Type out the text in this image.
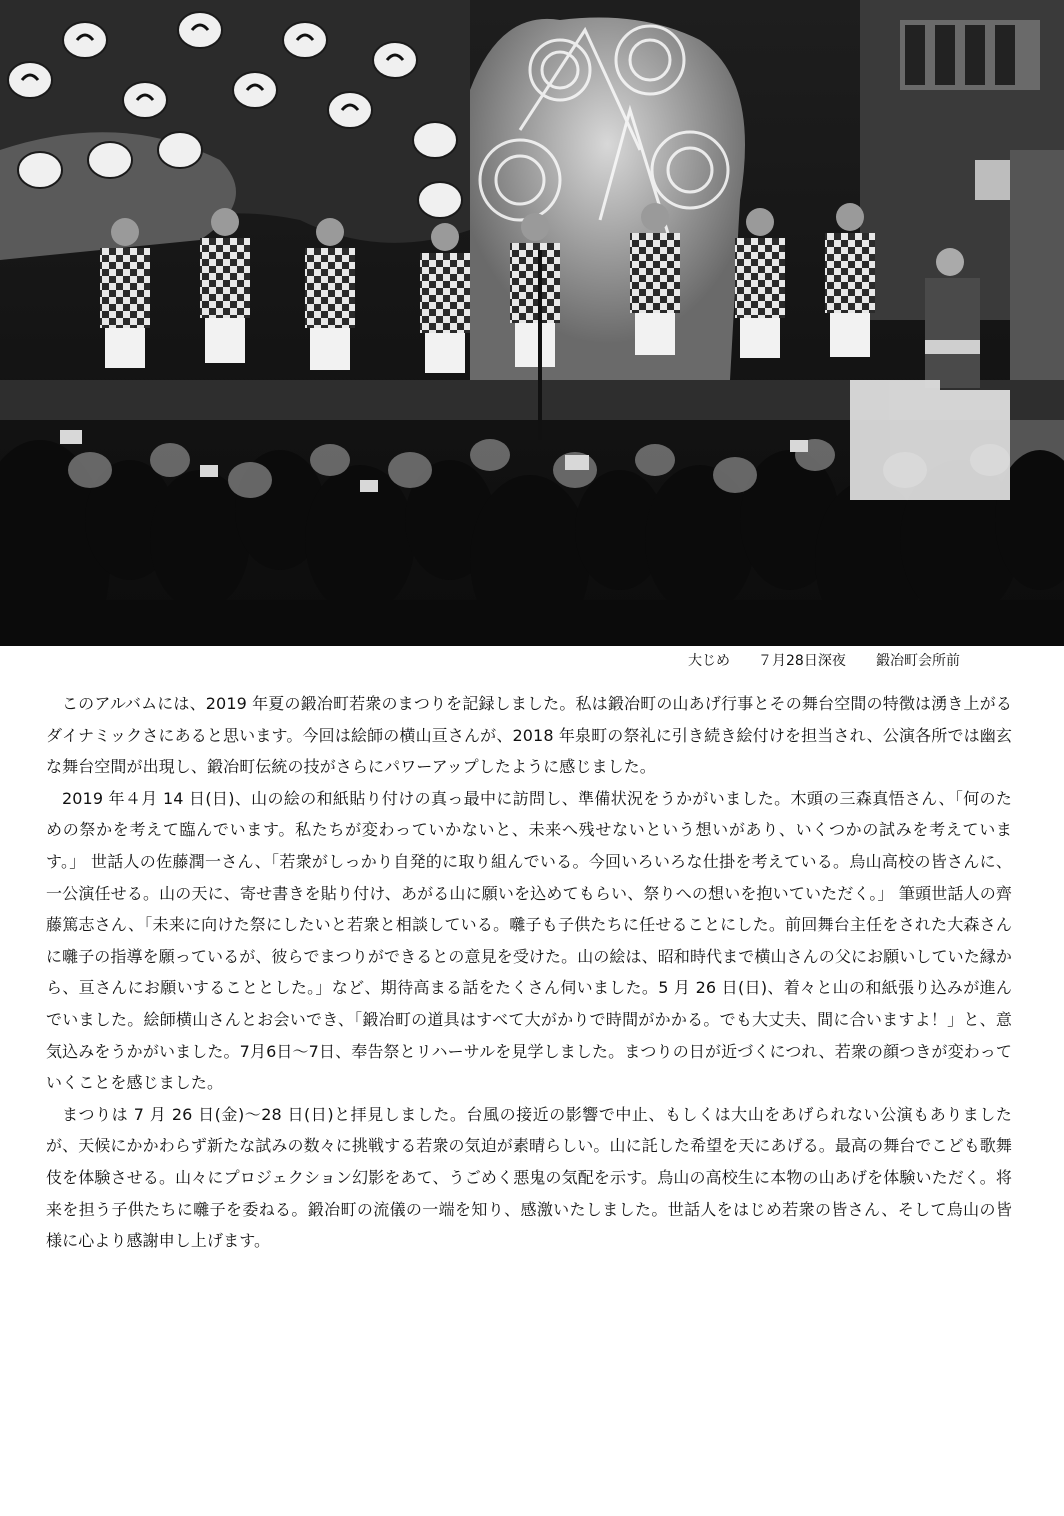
大じめ ７月28日深夜 鍛冶町会所前

このアルバムには、2019 年夏の鍛冶町若衆のまつりを記録しました。私は鍛冶町の山あげ行事とその舞台空間の特徴は湧き上がるダイナミックさにあると思います。今回は絵師の横山亘さんが、2018 年泉町の祭礼に引き続き絵付けを担当され、公演各所では幽玄な舞台空間が出現し、鍛冶町伝統の技がさらにパワーアップしたように感じました。

2019 年４月 14 日(日)、山の絵の和紙貼り付けの真っ最中に訪問し、準備状況をうかがいました。木頭の三森真悟さん、「何のための祭かを考えて臨んでいます。私たちが変わっていかないと、未来へ残せないという想いがあり、いくつかの試みを考えています。」 世話人の佐藤潤一さん、「若衆がしっかり自発的に取り組んでいる。今回いろいろな仕掛を考えている。烏山高校の皆さんに、一公演任せる。山の天に、寄せ書きを貼り付け、あがる山に願いを込めてもらい、祭りへの想いを抱いていただく。」 筆頭世話人の齊藤篤志さん、「未来に向けた祭にしたいと若衆と相談している。囃子も子供たちに任せることにした。前回舞台主任をされた大森さんに囃子の指導を願っているが、彼らでまつりができるとの意見を受けた。山の絵は、昭和時代まで横山さんの父にお願いしていた縁から、亘さんにお願いすることとした。」など、期待高まる話をたくさん伺いました。5 月 26 日(日)、着々と山の和紙張り込みが進んでいました。絵師横山さんとお会いでき、「鍛冶町の道具はすべて大がかりで時間がかかる。でも大丈夫、間に合いますよ！」と、意気込みをうかがいました。7月6日～7日、奉告祭とリハーサルを見学しました。まつりの日が近づくにつれ、若衆の顔つきが変わっていくことを感じました。

まつりは 7 月 26 日(金)～28 日(日)と拝見しました。台風の接近の影響で中止、もしくは大山をあげられない公演もありましたが、天候にかかわらず新たな試みの数々に挑戦する若衆の気迫が素晴らしい。山に託した希望を天にあげる。最高の舞台でこども歌舞伎を体験させる。山々にプロジェクション幻影をあて、うごめく悪鬼の気配を示す。烏山の高校生に本物の山あげを体験いただく。将来を担う子供たちに囃子を委ねる。鍛冶町の流儀の一端を知り、感激いたしました。世話人をはじめ若衆の皆さん、そして烏山の皆様に心より感謝申し上げます。
